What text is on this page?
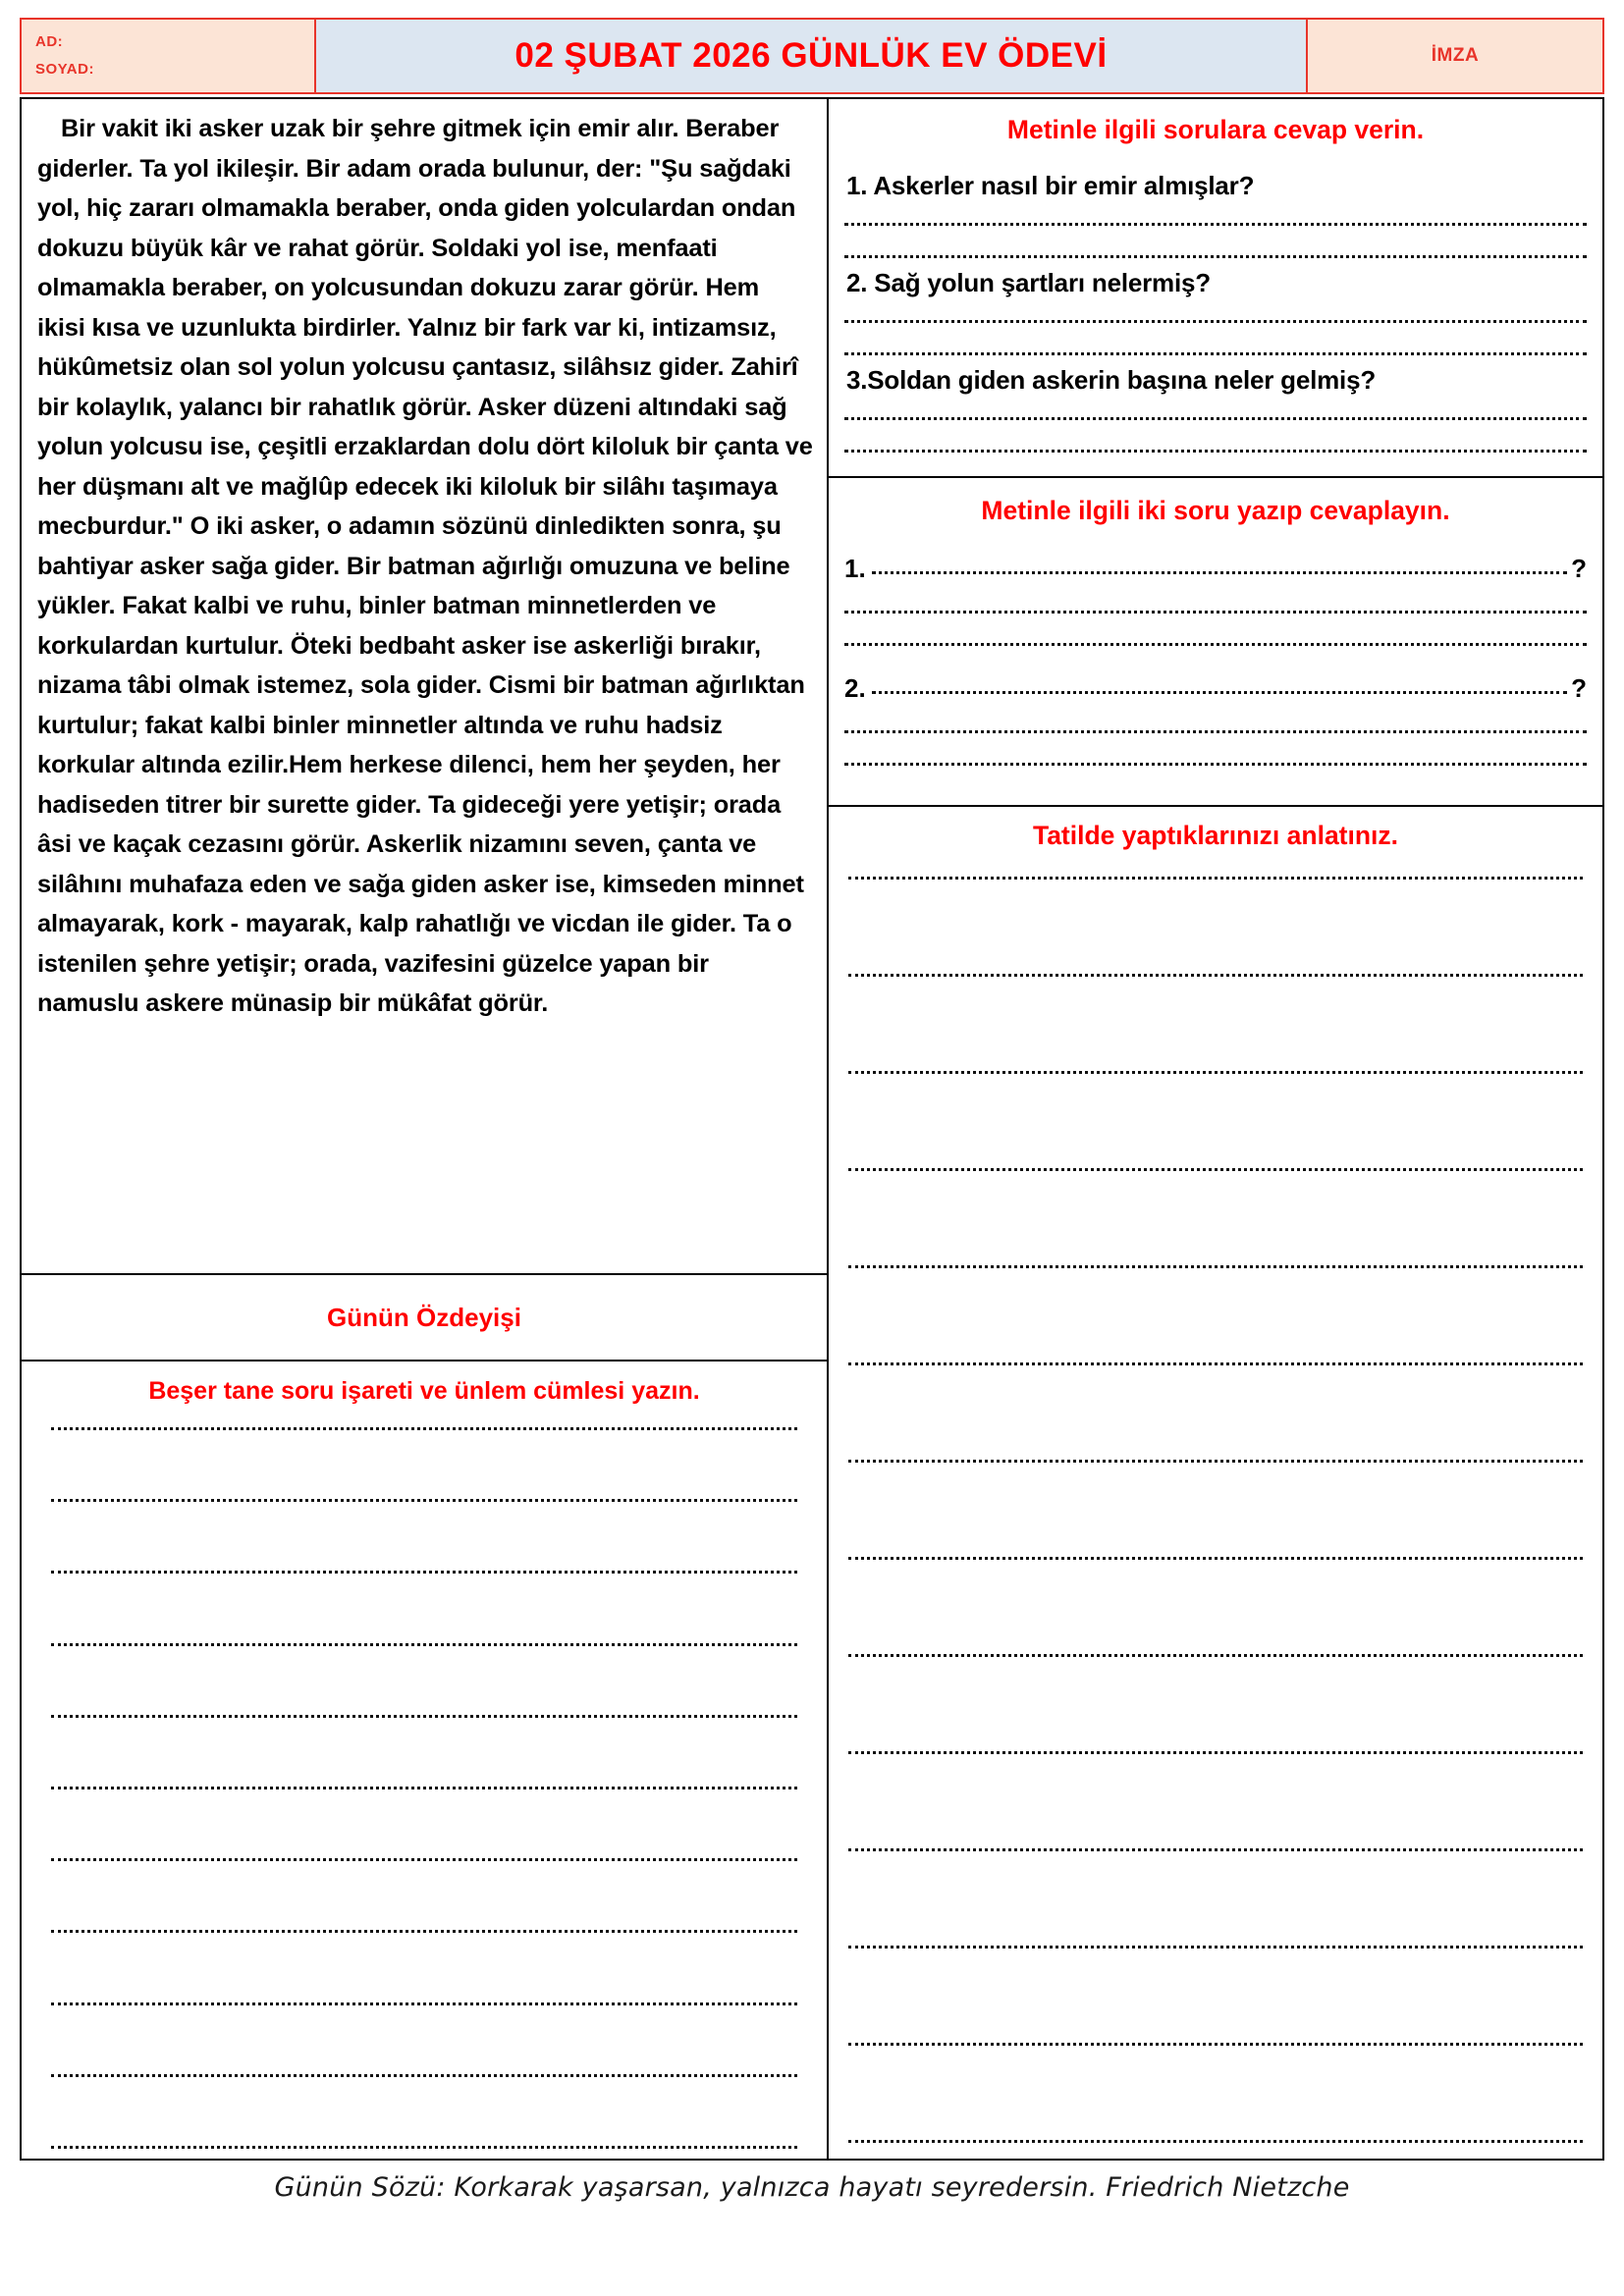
AD:
SOYAD:	02 ŞUBAT 2026 GÜNLÜK EV ÖDEVİ	İMZA

Bir vakit iki asker uzak bir şehre gitmek için emir alır. Beraber giderler. Ta yol ikileşir. Bir adam orada bulunur, der: "Şu sağdaki yol, hiç zararı olmamakla beraber, onda giden yolculardan ondan dokuzu büyük kâr ve rahat görür. Soldaki yol ise, menfaati olmamakla beraber, on yolcusundan dokuzu zarar görür. Hem ikisi kısa ve uzunlukta birdirler. Yalnız bir fark var ki, intizamsız, hükûmetsiz olan sol yolun yolcusu çantasız, silâhsız gider. Zahirî bir kolaylık, yalancı bir rahatlık görür. Asker düzeni altındaki sağ yolun yolcusu ise, çeşitli erzaklardan dolu dört kiloluk bir çanta ve her düşmanı alt ve mağlûp edecek iki kiloluk bir silâhı taşımaya mecburdur." O iki asker, o adamın sözünü dinledikten sonra, şu bahtiyar asker sağa gider. Bir batman ağırlığı omuzuna ve beline yükler. Fakat kalbi ve ruhu, binler batman minnetlerden ve korkulardan kurtulur. Öteki bedbaht asker ise askerliği bırakır, nizama tâbi olmak istemez, sola gider. Cismi bir batman ağırlıktan kurtulur; fakat kalbi binler minnetler altında ve ruhu hadsiz korkular altında ezilir.Hem herkese dilenci, hem her şeyden, her hadiseden titrer bir surette gider. Ta gideceği yere yetişir; orada âsi ve kaçak cezasını görür. Askerlik nizamını seven, çanta ve silâhını muhafaza eden ve sağa giden asker ise, kimseden minnet almayarak, kork - mayarak, kalp rahatlığı ve vicdan ile gider. Ta o istenilen şehre yetişir; orada, vazifesini güzelce yapan bir namuslu askere münasip bir mükâfat görür.

Günün Özdeyişi
Beşer tane soru işareti ve ünlem cümlesi yazın.
Metinle ilgili sorulara cevap verin.
1. Askerler nasıl bir emir almışlar?
2. Sağ yolun şartları nelermiş?
3.Soldan giden askerin başına neler gelmiş?
Metinle ilgili iki soru yazıp cevaplayın.
1.	?
2.	?
Tatilde yaptıklarınızı anlatınız.
Günün Sözü: Korkarak yaşarsan, yalnızca hayatı seyredersin. Friedrich Nietzche
